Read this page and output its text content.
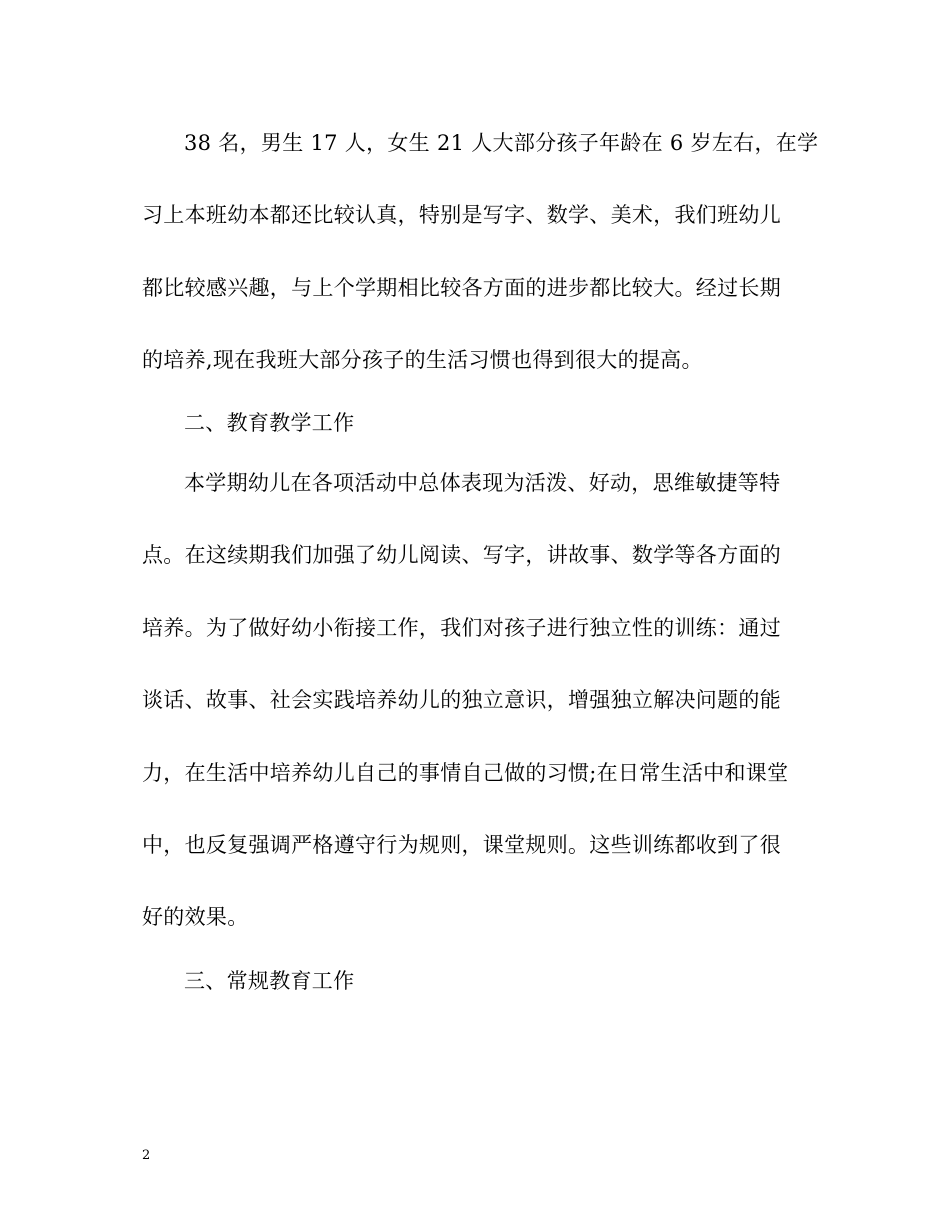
38 名，男生 17 人，女生 21 人大部分孩子年龄在 6 岁左右，在学
习上本班幼本都还比较认真，特别是写字、数学、美术，我们班幼儿
都比较感兴趣，与上个学期相比较各方面的进步都比较大。经过长期
的培养,现在我班大部分孩子的生活习惯也得到很大的提高。
二、教育教学工作
本学期幼儿在各项活动中总体表现为活泼、好动，思维敏捷等特
点。在这续期我们加强了幼儿阅读、写字，讲故事、数学等各方面的
培养。为了做好幼小衔接工作，我们对孩子进行独立性的训练：通过
谈话、故事、社会实践培养幼儿的独立意识，增强独立解决问题的能
力，在生活中培养幼儿自己的事情自己做的习惯;在日常生活中和课堂
中，也反复强调严格遵守行为规则，课堂规则。这些训练都收到了很
好的效果。
三、常规教育工作
2
